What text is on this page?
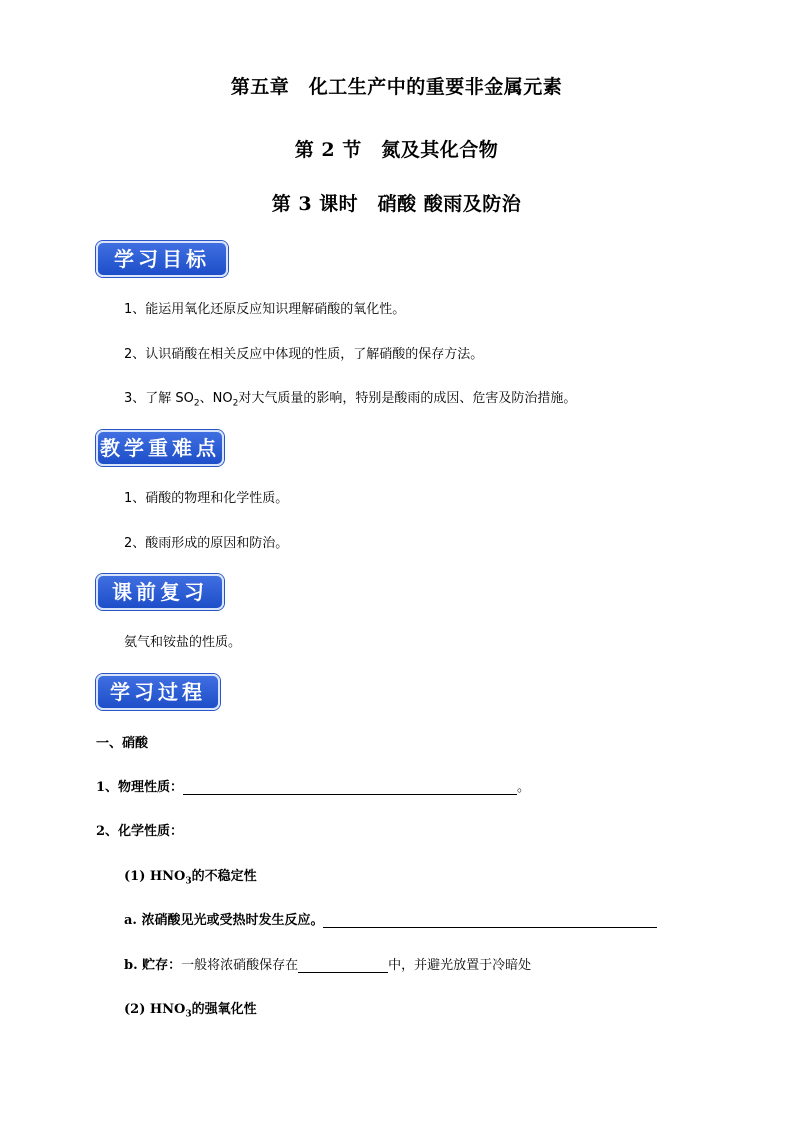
第五章　化工生产中的重要非金属元素
第 2 节　氮及其化合物
第 3 课时　硝酸 酸雨及防治
学习目标
1、能运用氧化还原反应知识理解硝酸的氧化性。
2、认识硝酸在相关反应中体现的性质，了解硝酸的保存方法。
3、了解 $SO_2$、$NO_2$对大气质量的影响，特别是酸雨的成因、危害及防治措施。
教学重难点
1、硝酸的物理和化学性质。
2、酸雨形成的原因和防治。
课前复习
氨气和铵盐的性质。
学习过程
一、硝酸
1、物理性质：	。
2、化学性质：
(1) $HNO_3$的不稳定性
a. 浓硝酸见光或受热时发生反应。
b. 贮存：一般将浓硝酸保存在	中，并避光放置于冷暗处
(2) $HNO_3$的强氧化性
